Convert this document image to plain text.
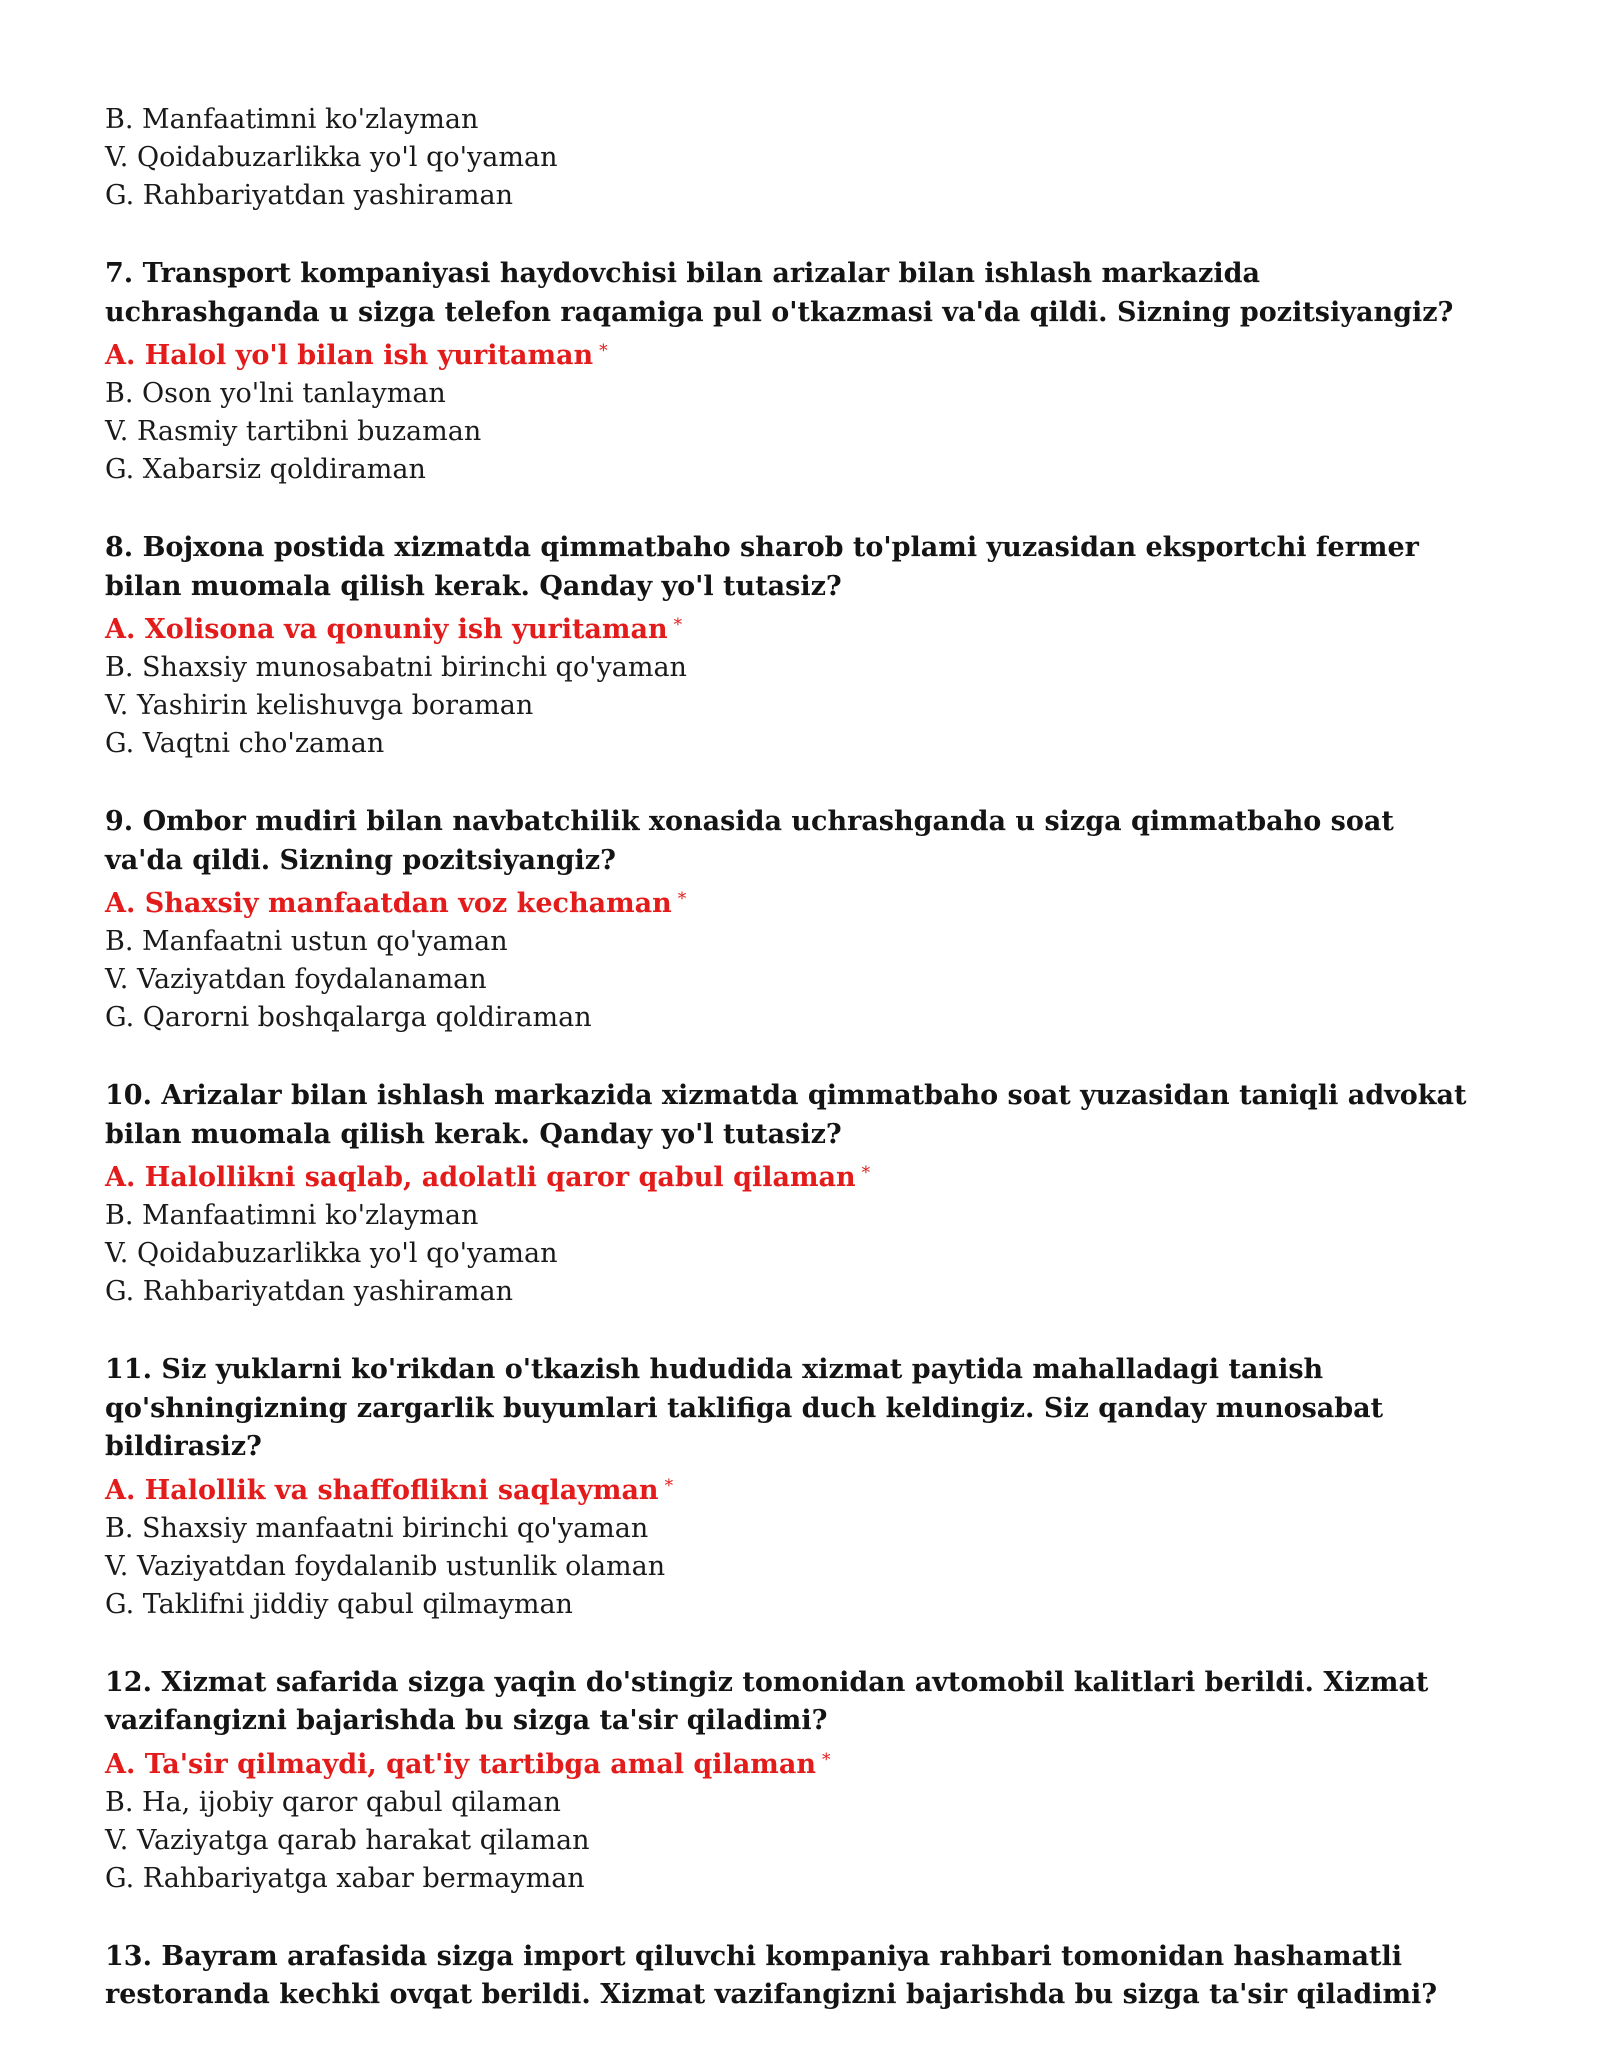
B. Manfaatimni ko'zlayman
V. Qoidabuzarlikka yo'l qo'yaman
G. Rahbariyatdan yashiraman
7. Transport kompaniyasi haydovchisi bilan arizalar bilan ishlash markazida uchrashganda u sizga telefon raqamiga pul o'tkazmasi va'da qildi. Sizning pozitsiyangiz?
A. Halol yo'l bilan ish yuritaman *
B. Oson yo'lni tanlayman
V. Rasmiy tartibni buzaman
G. Xabarsiz qoldiraman
8. Bojxona postida xizmatda qimmatbaho sharob to'plami yuzasidan eksportchi fermer bilan muomala qilish kerak. Qanday yo'l tutasiz?
A. Xolisona va qonuniy ish yuritaman *
B. Shaxsiy munosabatni birinchi qo'yaman
V. Yashirin kelishuvga boraman
G. Vaqtni cho'zaman
9. Ombor mudiri bilan navbatchilik xonasida uchrashganda u sizga qimmatbaho soat va'da qildi. Sizning pozitsiyangiz?
A. Shaxsiy manfaatdan voz kechaman *
B. Manfaatni ustun qo'yaman
V. Vaziyatdan foydalanaman
G. Qarorni boshqalarga qoldiraman
10. Arizalar bilan ishlash markazida xizmatda qimmatbaho soat yuzasidan taniqli advokat bilan muomala qilish kerak. Qanday yo'l tutasiz?
A. Halollikni saqlab, adolatli qaror qabul qilaman *
B. Manfaatimni ko'zlayman
V. Qoidabuzarlikka yo'l qo'yaman
G. Rahbariyatdan yashiraman
11. Siz yuklarni ko'rikdan o'tkazish hududida xizmat paytida mahalladagi tanish qo'shningizning zargarlik buyumlari taklifiga duch keldingiz. Siz qanday munosabat bildirasiz?
A. Halollik va shaffoflikni saqlayman *
B. Shaxsiy manfaatni birinchi qo'yaman
V. Vaziyatdan foydalanib ustunlik olaman
G. Taklifni jiddiy qabul qilmayman
12. Xizmat safarida sizga yaqin do'stingiz tomonidan avtomobil kalitlari berildi. Xizmat vazifangizni bajarishda bu sizga ta'sir qiladimi?
A. Ta'sir qilmaydi, qat'iy tartibga amal qilaman *
B. Ha, ijobiy qaror qabul qilaman
V. Vaziyatga qarab harakat qilaman
G. Rahbariyatga xabar bermayman
13. Bayram arafasida sizga import qiluvchi kompaniya rahbari tomonidan hashamatli restoranda kechki ovqat berildi. Xizmat vazifangizni bajarishda bu sizga ta'sir qiladimi?
